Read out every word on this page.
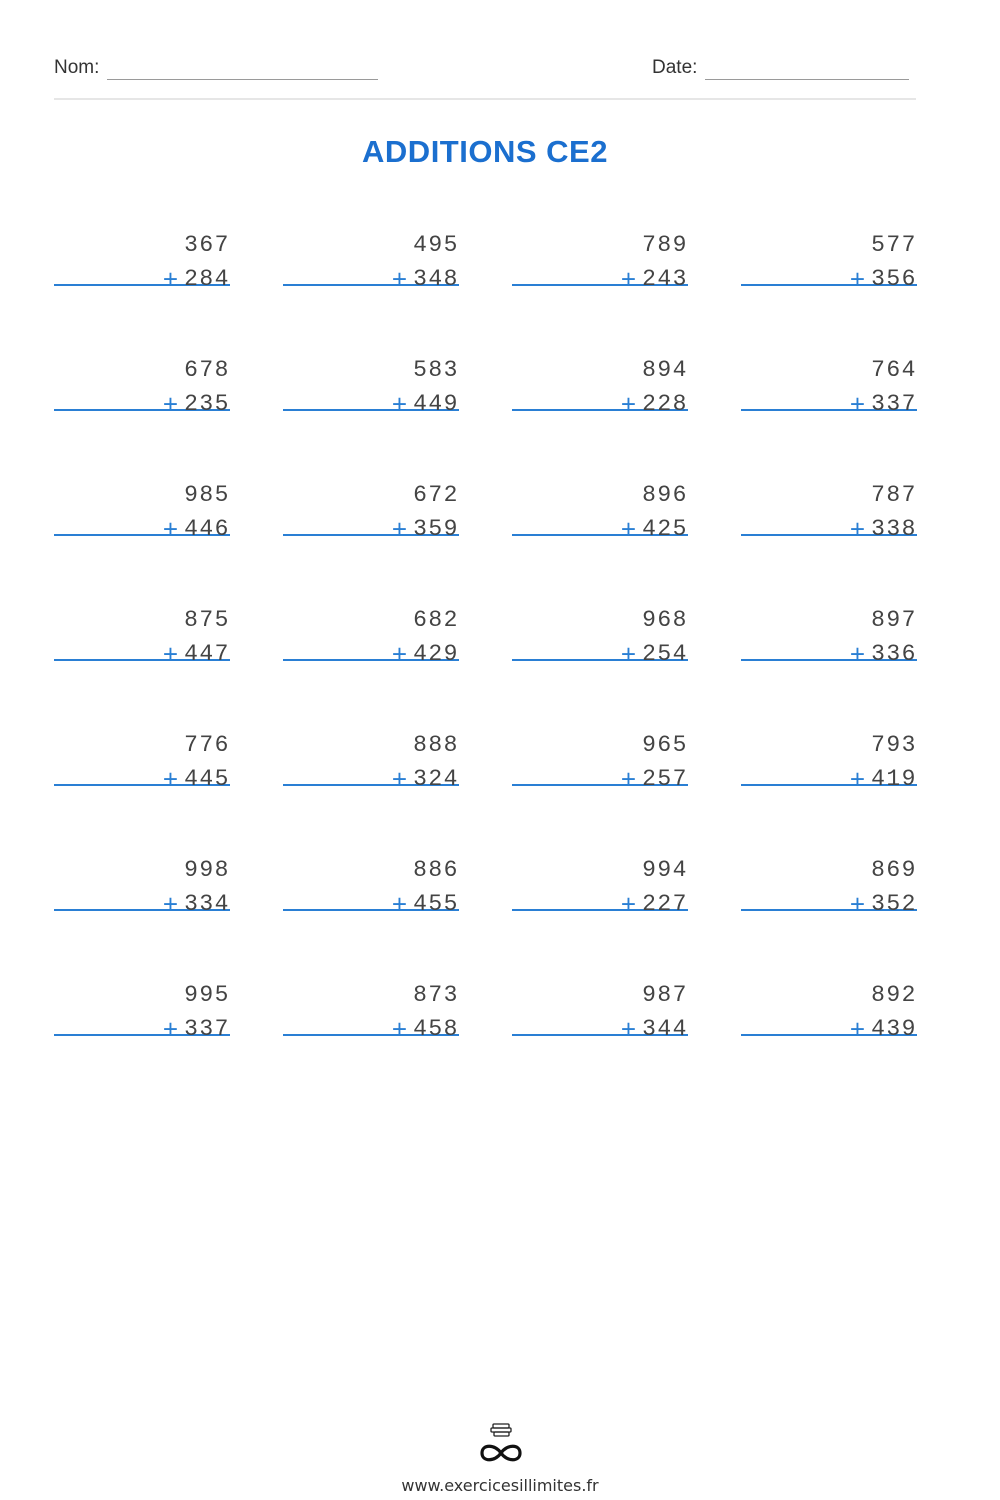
Nom:	Date:
ADDITIONS CE2
367
+ 284
495
+ 348
789
+ 243
577
+ 356
678
+ 235
583
+ 449
894
+ 228
764
+ 337
985
+ 446
672
+ 359
896
+ 425
787
+ 338
875
+ 447
682
+ 429
968
+ 254
897
+ 336
776
+ 445
888
+ 324
965
+ 257
793
+ 419
998
+ 334
886
+ 455
994
+ 227
869
+ 352
995
+ 337
873
+ 458
987
+ 344
892
+ 439
www.exercicesillimites.fr
